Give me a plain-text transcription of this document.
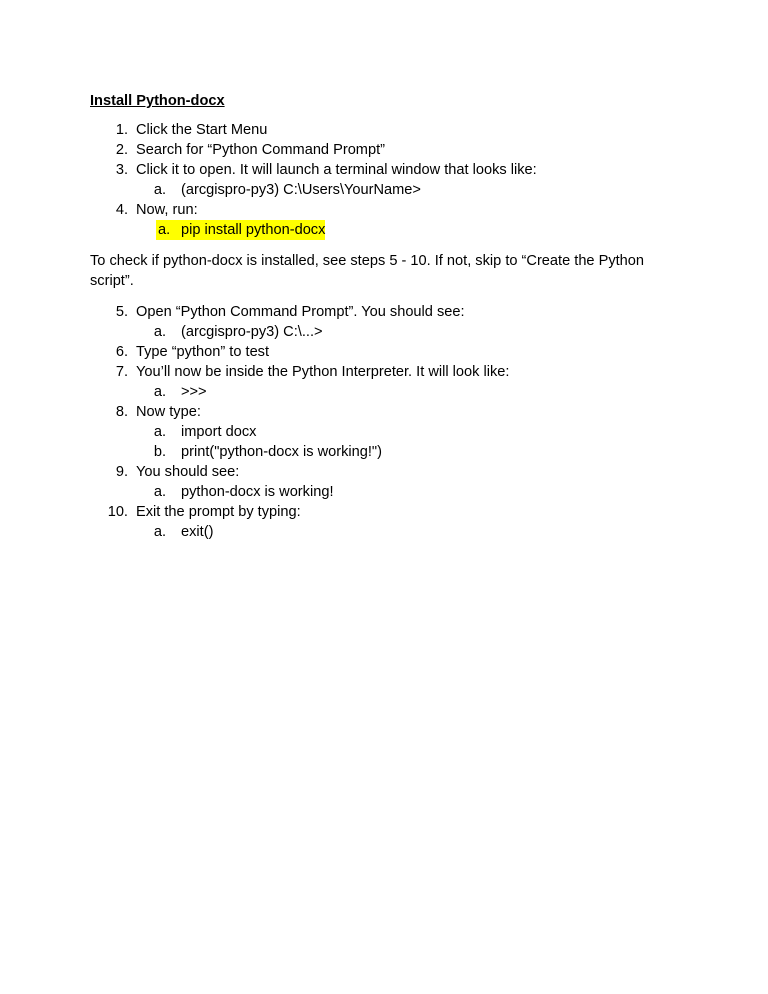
Install Python-docx
1. Click the Start Menu
2. Search for “Python Command Prompt”
3. Click it to open. It will launch a terminal window that looks like:
a. (arcgispro-py3) C:\Users\YourName>
4. Now, run:
a. pip install python-docx

To check if python-docx is installed, see steps 5 - 10. If not, skip to “Create the Python script”.

5. Open “Python Command Prompt”. You should see:
a. (arcgispro-py3) C:\...>
6. Type “python” to test
7. You’ll now be inside the Python Interpreter. It will look like:
a. >>>
8. Now type:
a. import docx
b. print("python-docx is working!")
9. You should see:
a. python-docx is working!
10. Exit the prompt by typing:
a. exit()
